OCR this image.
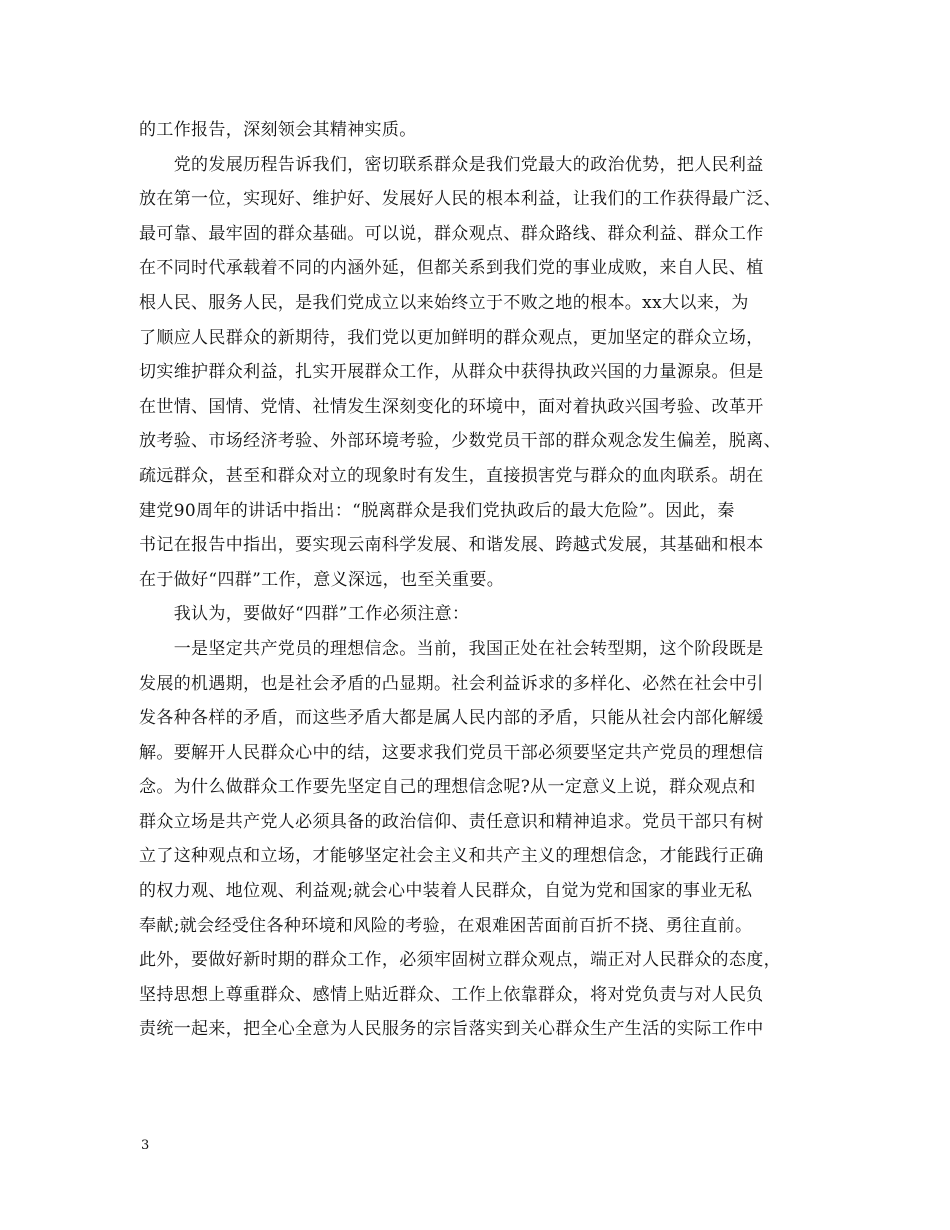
的工作报告，深刻领会其精神实质。
　　党的发展历程告诉我们，密切联系群众是我们党最大的政治优势，把人民利益
放在第一位，实现好、维护好、发展好人民的根本利益，让我们的工作获得最广泛、
最可靠、最牢固的群众基础。可以说，群众观点、群众路线、群众利益、群众工作
在不同时代承载着不同的内涵外延，但都关系到我们党的事业成败，来自人民、植
根人民、服务人民，是我们党成立以来始终立于不败之地的根本。xx大以来，为
了顺应人民群众的新期待，我们党以更加鲜明的群众观点，更加坚定的群众立场，
切实维护群众利益，扎实开展群众工作，从群众中获得执政兴国的力量源泉。但是
在世情、国情、党情、社情发生深刻变化的环境中，面对着执政兴国考验、改革开
放考验、市场经济考验、外部环境考验，少数党员干部的群众观念发生偏差，脱离、
疏远群众，甚至和群众对立的现象时有发生，直接损害党与群众的血肉联系。胡在
建党90周年的讲话中指出：“脱离群众是我们党执政后的最大危险”。因此，秦
书记在报告中指出，要实现云南科学发展、和谐发展、跨越式发展，其基础和根本
在于做好“四群”工作，意义深远，也至关重要。
　　我认为，要做好“四群”工作必须注意：
　　一是坚定共产党员的理想信念。当前，我国正处在社会转型期，这个阶段既是
发展的机遇期，也是社会矛盾的凸显期。社会利益诉求的多样化、必然在社会中引
发各种各样的矛盾，而这些矛盾大都是属人民内部的矛盾，只能从社会内部化解缓
解。要解开人民群众心中的结，这要求我们党员干部必须要坚定共产党员的理想信
念。为什么做群众工作要先坚定自己的理想信念呢?从一定意义上说，群众观点和
群众立场是共产党人必须具备的政治信仰、责任意识和精神追求。党员干部只有树
立了这种观点和立场，才能够坚定社会主义和共产主义的理想信念，才能践行正确
的权力观、地位观、利益观;就会心中装着人民群众，自觉为党和国家的事业无私
奉献;就会经受住各种环境和风险的考验，在艰难困苦面前百折不挠、勇往直前。
此外，要做好新时期的群众工作，必须牢固树立群众观点，端正对人民群众的态度，
坚持思想上尊重群众、感情上贴近群众、工作上依靠群众，将对党负责与对人民负
责统一起来，把全心全意为人民服务的宗旨落实到关心群众生产生活的实际工作中
3
